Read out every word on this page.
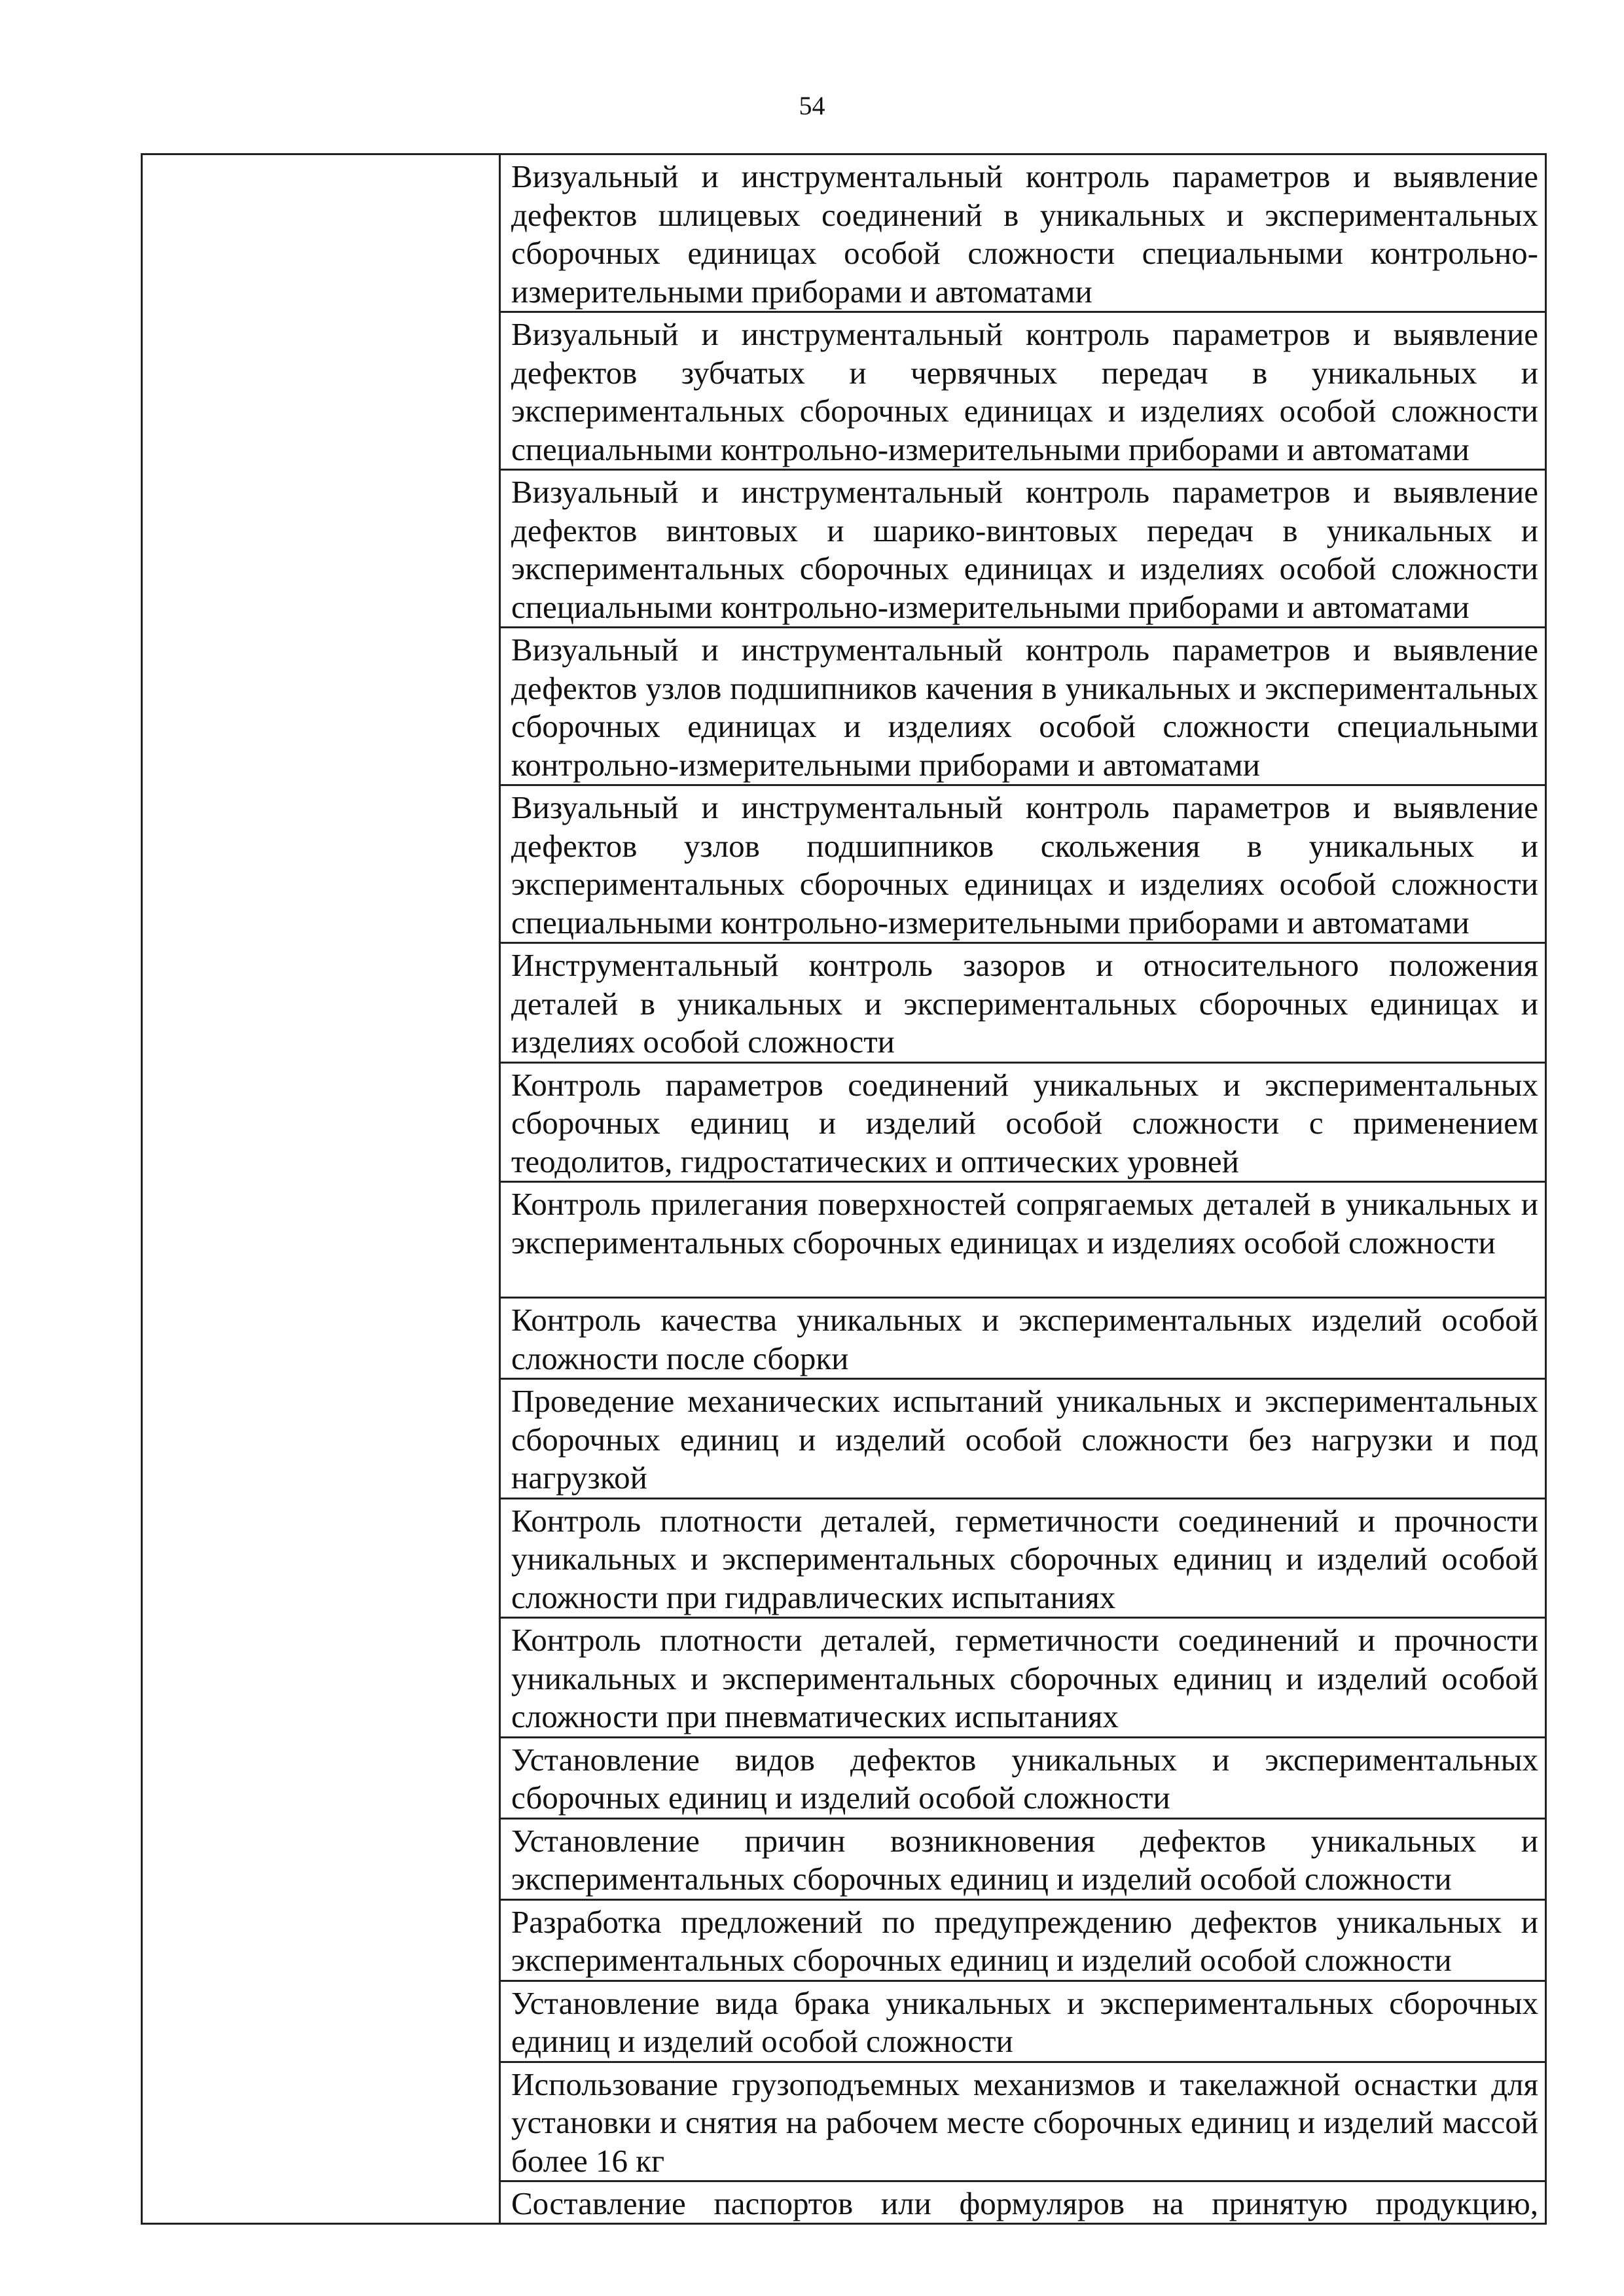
54

Визуальный и инструментальный контроль параметров и выявление дефектов шлицевых соединений в уникальных и экспериментальных сборочных единицах особой сложности специальными контрольно-измерительными приборами и автоматами

Визуальный и инструментальный контроль параметров и выявление дефектов зубчатых и червячных передач в уникальных и экспериментальных сборочных единицах и изделиях особой сложности специальными контрольно-измерительными приборами и автоматами

Визуальный и инструментальный контроль параметров и выявление дефектов винтовых и шарико-винтовых передач в уникальных и экспериментальных сборочных единицах и изделиях особой сложности специальными контрольно-измерительными приборами и автоматами

Визуальный и инструментальный контроль параметров и выявление дефектов узлов подшипников качения в уникальных и экспериментальных сборочных единицах и изделиях особой сложности специальными контрольно-измерительными приборами и автоматами

Визуальный и инструментальный контроль параметров и выявление дефектов узлов подшипников скольжения в уникальных и экспериментальных сборочных единицах и изделиях особой сложности специальными контрольно-измерительными приборами и автоматами

Инструментальный контроль зазоров и относительного положения деталей в уникальных и экспериментальных сборочных единицах и изделиях особой сложности

Контроль параметров соединений уникальных и экспериментальных сборочных единиц и изделий особой сложности с применением теодолитов, гидростатических и оптических уровней

Контроль прилегания поверхностей сопрягаемых деталей в уникальных и экспериментальных сборочных единицах и изделиях особой сложности

Контроль качества уникальных и экспериментальных изделий особой сложности после сборки

Проведение механических испытаний уникальных и экспериментальных сборочных единиц и изделий особой сложности без нагрузки и под нагрузкой

Контроль плотности деталей, герметичности соединений и прочности уникальных и экспериментальных сборочных единиц и изделий особой сложности при гидравлических испытаниях

Контроль плотности деталей, герметичности соединений и прочности уникальных и экспериментальных сборочных единиц и изделий особой сложности при пневматических испытаниях

Установление видов дефектов уникальных и экспериментальных сборочных единиц и изделий особой сложности

Установление причин возникновения дефектов уникальных и экспериментальных сборочных единиц и изделий особой сложности

Разработка предложений по предупреждению дефектов уникальных и экспериментальных сборочных единиц и изделий особой сложности

Установление вида брака уникальных и экспериментальных сборочных единиц и изделий особой сложности

Использование грузоподъемных механизмов и такелажной оснастки для установки и снятия на рабочем месте сборочных единиц и изделий массой более 16 кг

Составление паспортов или формуляров на принятую продукцию,
